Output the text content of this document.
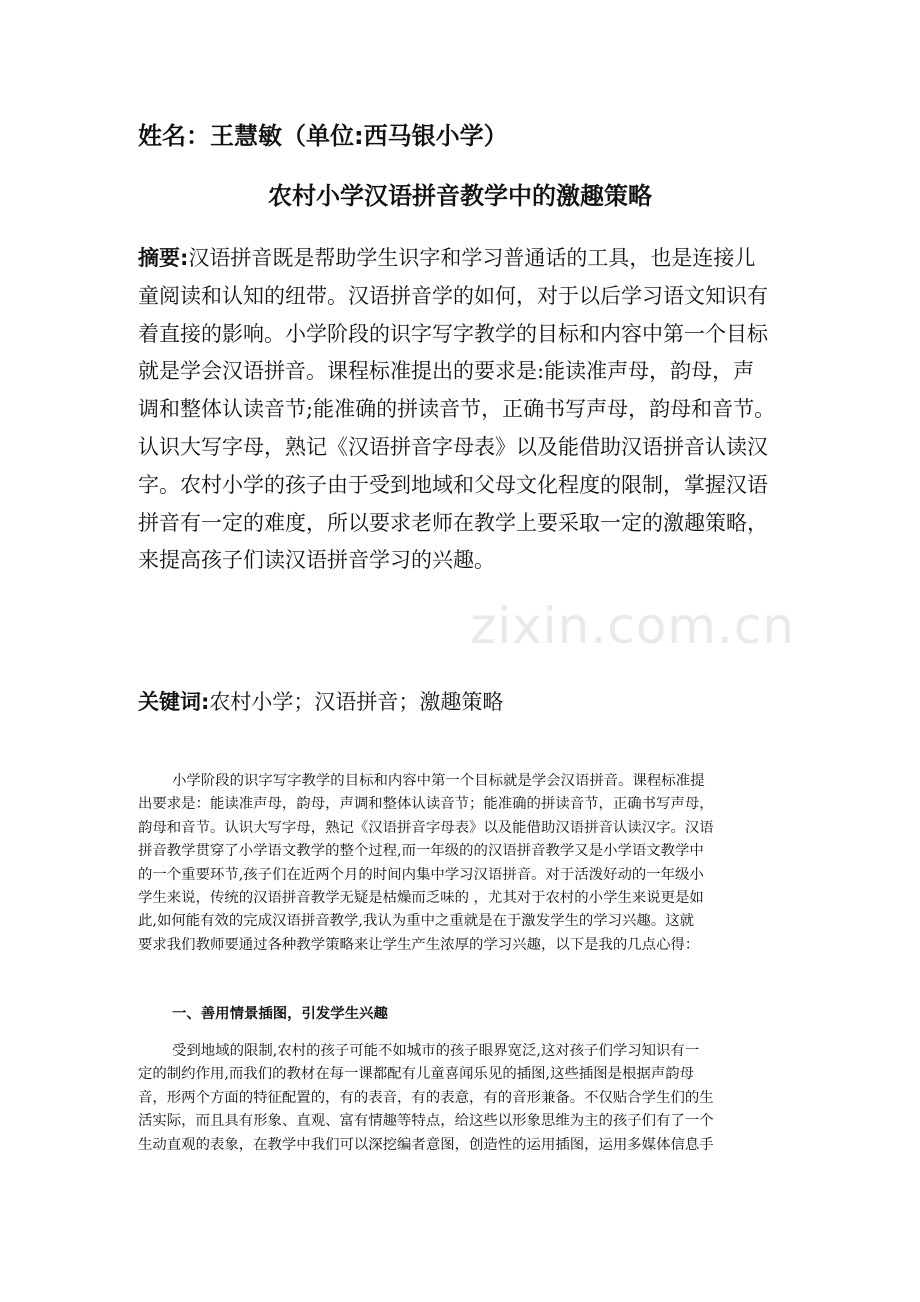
姓名：王慧敏（单位:西马银小学）
农村小学汉语拼音教学中的激趣策略
摘要:汉语拼音既是帮助学生识字和学习普通话的工具，也是连接儿
童阅读和认知的纽带。汉语拼音学的如何，对于以后学习语文知识有
着直接的影响。小学阶段的识字写字教学的目标和内容中第一个目标
就是学会汉语拼音。课程标准提出的要求是:能读准声母，韵母，声
调和整体认读音节;能准确的拼读音节，正确书写声母，韵母和音节。
认识大写字母，熟记《汉语拼音字母表》以及能借助汉语拼音认读汉
字。农村小学的孩子由于受到地域和父母文化程度的限制，掌握汉语
拼音有一定的难度，所以要求老师在教学上要采取一定的激趣策略，
来提高孩子们读汉语拼音学习的兴趣。
关键词:农村小学；汉语拼音；激趣策略
小学阶段的识字写字教学的目标和内容中第一个目标就是学会汉语拼音。课程标准提
出要求是：能读准声母，韵母，声调和整体认读音节；能准确的拼读音节，正确书写声母，
韵母和音节。认识大写字母，熟记《汉语拼音字母表》以及能借助汉语拼音认读汉字。汉语
拼音教学贯穿了小学语文教学的整个过程,而一年级的的汉语拼音教学又是小学语文教学中
的一个重要环节,孩子们在近两个月的时间内集中学习汉语拼音。对于活泼好动的一年级小
学生来说，传统的汉语拼音教学无疑是枯燥而乏味的 ，尤其对于农村的小学生来说更是如
此,如何能有效的完成汉语拼音教学,我认为重中之重就是在于激发学生的学习兴趣。这就
要求我们教师要通过各种教学策略来让学生产生浓厚的学习兴趣，以下是我的几点心得：
一、善用情景插图，引发学生兴趣
受到地域的限制,农村的孩子可能不如城市的孩子眼界宽泛,这对孩子们学习知识有一
定的制约作用,而我们的教材在每一课都配有儿童喜闻乐见的插图,这些插图是根据声韵母
音，形两个方面的特征配置的，有的表音，有的表意，有的音形兼备。不仅贴合学生们的生
活实际，而且具有形象、直观、富有情趣等特点，给这些以形象思维为主的孩子们有了一个
生动直观的表象，在教学中我们可以深挖编者意图，创造性的运用插图，运用多媒体信息手
zixin.com.cn
